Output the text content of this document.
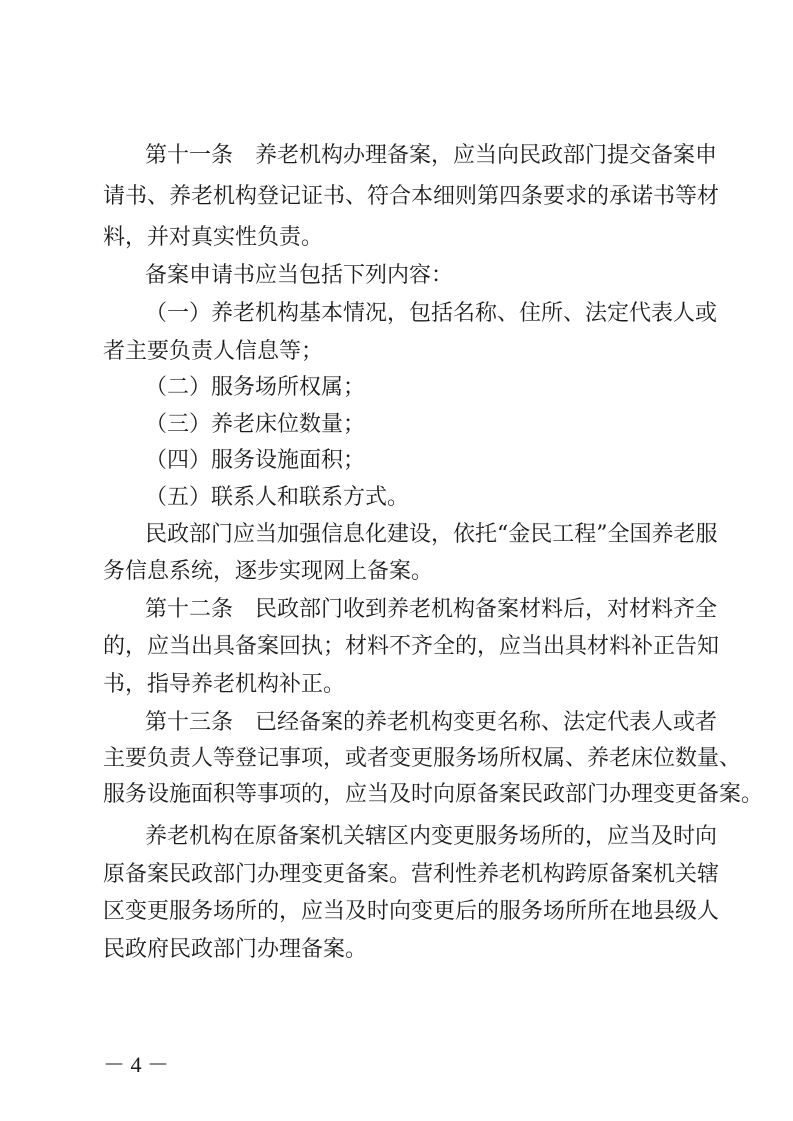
第十一条　养老机构办理备案，应当向民政部门提交备案申
请书、养老机构登记证书、符合本细则第四条要求的承诺书等材
料，并对真实性负责。
备案申请书应当包括下列内容：
（一）养老机构基本情况，包括名称、住所、法定代表人或
者主要负责人信息等；
（二）服务场所权属；
（三）养老床位数量；
（四）服务设施面积；
（五）联系人和联系方式。
民政部门应当加强信息化建设，依托“金民工程”全国养老服
务信息系统，逐步实现网上备案。
第十二条　民政部门收到养老机构备案材料后，对材料齐全
的，应当出具备案回执；材料不齐全的，应当出具材料补正告知
书，指导养老机构补正。
第十三条　已经备案的养老机构变更名称、法定代表人或者
主要负责人等登记事项，或者变更服务场所权属、养老床位数量、
服务设施面积等事项的，应当及时向原备案民政部门办理变更备案。
养老机构在原备案机关辖区内变更服务场所的，应当及时向
原备案民政部门办理变更备案。营利性养老机构跨原备案机关辖
区变更服务场所的，应当及时向变更后的服务场所所在地县级人
民政府民政部门办理备案。
－ 4 －
